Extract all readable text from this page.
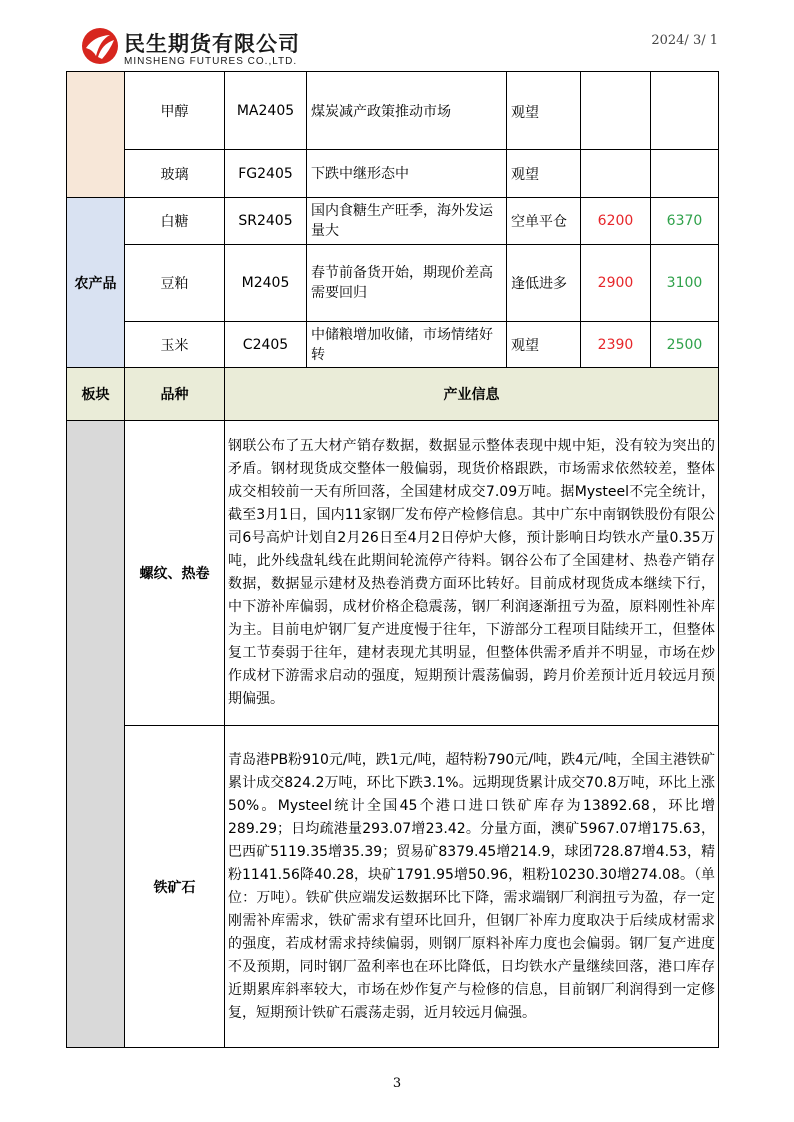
民生期货有限公司
MINSHENG FUTURES CO.,LTD.
2024/ 3/ 1
	甲醇	MA2405	煤炭减产政策推动市场	观望		
	玻璃	FG2405	下跌中继形态中	观望		
农产品	白糖	SR2405	国内食糖生产旺季，海外发运量大	空单平仓	6200	6370
	豆粕	M2405	春节前备货开始，期现价差高需要回归	逢低进多	2900	3100
	玉米	C2405	中储粮增加收储，市场情绪好转	观望	2390	2500
板块	品种	产业信息				
	螺纹、热卷	钢联公布了五大材产销存数据，数据显示整体表现中规中矩，没有较为突出的矛盾。钢材现货成交整体一般偏弱，现货价格跟跌，市场需求依然较差，整体成交相较前一天有所回落，全国建材成交7.09万吨。据Mysteel不完全统计，截至3月1日，国内11家钢厂发布停产检修信息。其中广东中南钢铁股份有限公司6号高炉计划自2月26日至4月2日停炉大修，预计影响日均铁水产量0.35万吨，此外线盘轧线在此期间轮流停产待料。钢谷公布了全国建材、热卷产销存数据，数据显示建材及热卷消费方面环比转好。目前成材现货成本继续下行，中下游补库偏弱，成材价格企稳震荡，钢厂利润逐渐扭亏为盈，原料刚性补库为主。目前电炉钢厂复产进度慢于往年，下游部分工程项目陆续开工，但整体复工节奏弱于往年，建材表现尤其明显，但整体供需矛盾并不明显，市场在炒作成材下游需求启动的强度，短期预计震荡偏弱，跨月价差预计近月较远月预期偏强。				
	铁矿石	青岛港PB粉910元/吨，跌1元/吨，超特粉790元/吨，跌4元/吨，全国主港铁矿累计成交824.2万吨，环比下跌3.1%。远期现货累计成交70.8万吨，环比上涨50%。Mysteel统计全国45个港口进口铁矿库存为13892.68，环比增289.29；日均疏港量293.07增23.42。分量方面，澳矿5967.07增175.63，巴西矿5119.35增35.39；贸易矿8379.45增214.9，球团728.87增4.53，精粉1141.56降40.28，块矿1791.95增50.96，粗粉10230.30增274.08。（单位：万吨）。铁矿供应端发运数据环比下降，需求端钢厂利润扭亏为盈，存一定刚需补库需求，铁矿需求有望环比回升，但钢厂补库力度取决于后续成材需求的强度，若成材需求持续偏弱，则钢厂原料补库力度也会偏弱。钢厂复产进度不及预期，同时钢厂盈利率也在环比降低，日均铁水产量继续回落，港口库存近期累库斜率较大，市场在炒作复产与检修的信息，目前钢厂利润得到一定修复，短期预计铁矿石震荡走弱，近月较远月偏强。				
3
